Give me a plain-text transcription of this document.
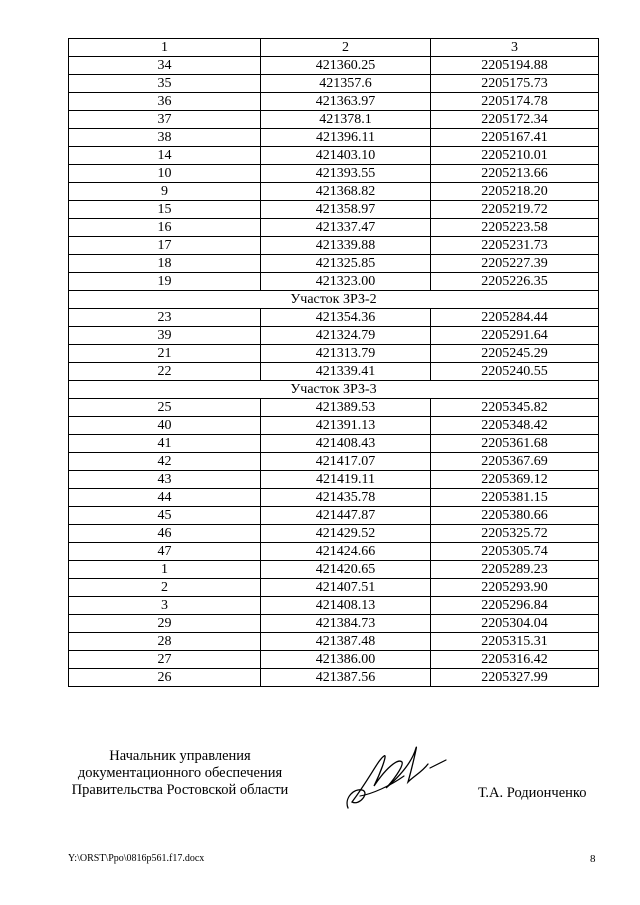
1	2	3
34	421360.25	2205194.88
35	421357.6	2205175.73
36	421363.97	2205174.78
37	421378.1	2205172.34
38	421396.11	2205167.41
14	421403.10	2205210.01
10	421393.55	2205213.66
9	421368.82	2205218.20
15	421358.97	2205219.72
16	421337.47	2205223.58
17	421339.88	2205231.73
18	421325.85	2205227.39
19	421323.00	2205226.35
Участок ЗРЗ-2		
23	421354.36	2205284.44
39	421324.79	2205291.64
21	421313.79	2205245.29
22	421339.41	2205240.55
Участок ЗРЗ-3		
25	421389.53	2205345.82
40	421391.13	2205348.42
41	421408.43	2205361.68
42	421417.07	2205367.69
43	421419.11	2205369.12
44	421435.78	2205381.15
45	421447.87	2205380.66
46	421429.52	2205325.72
47	421424.66	2205305.74
1	421420.65	2205289.23
2	421407.51	2205293.90
3	421408.13	2205296.84
29	421384.73	2205304.04
28	421387.48	2205315.31
27	421386.00	2205316.42
26	421387.56	2205327.99
Начальник управления
документационного обеспечения
Правительства Ростовской области	Т.А. Родионченко
Y:\ORST\Ppo\0816p561.f17.docx	8
